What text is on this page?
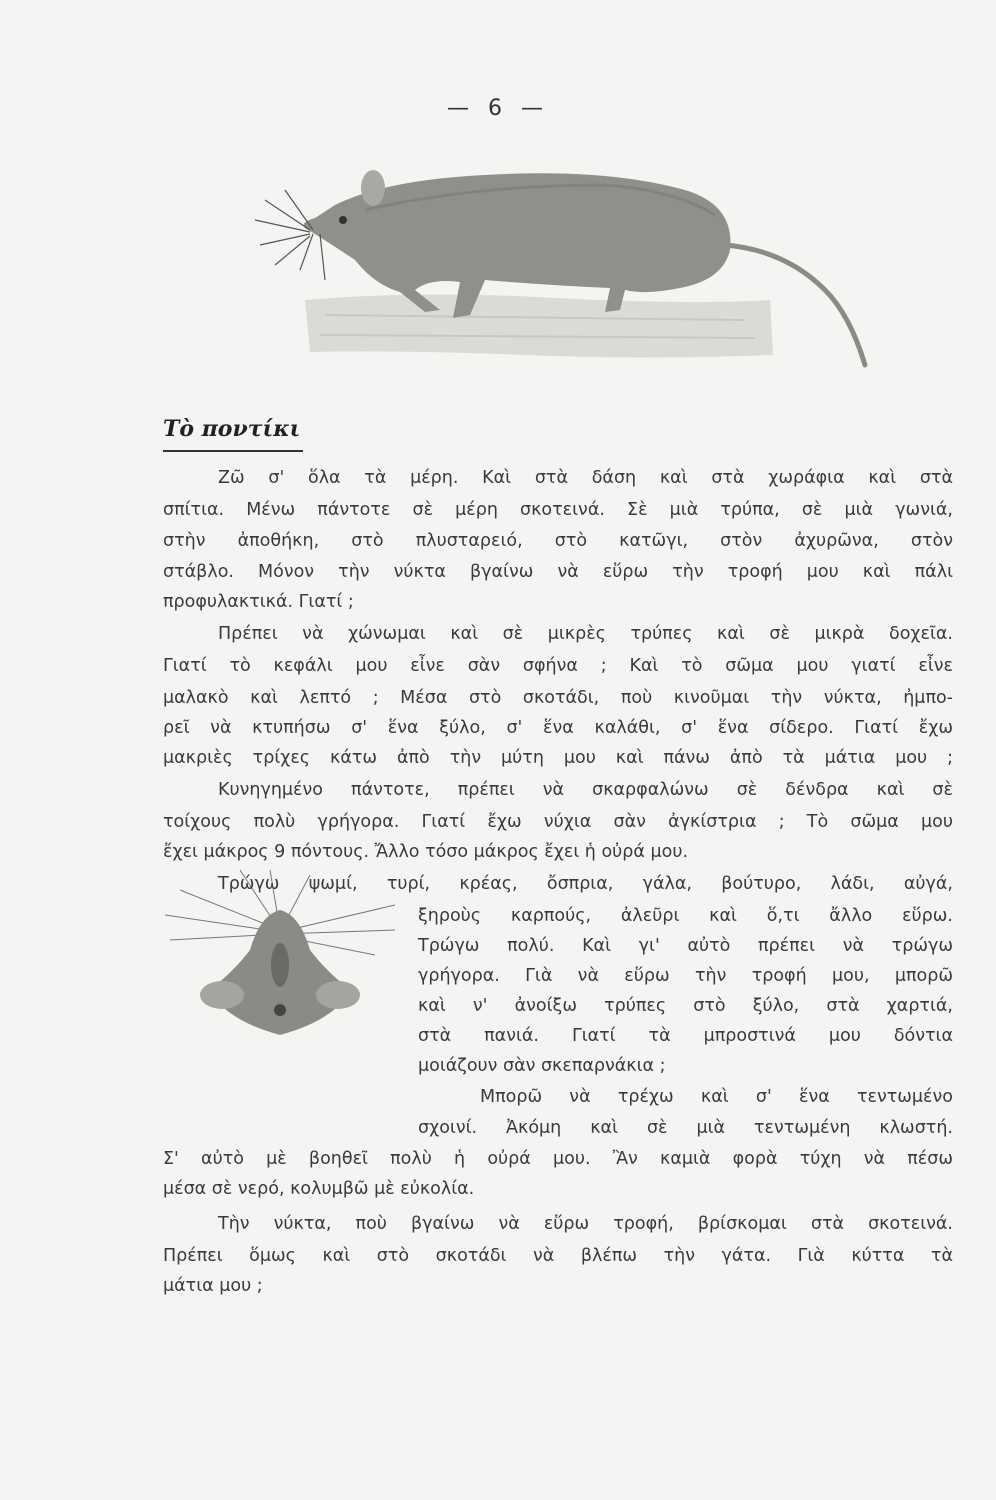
— 6 —
Τὸ ποντίκι
Ζῶ σ' ὅλα τὰ μέρη. Καὶ στὰ δάση καὶ στὰ χωράφια καὶ στὰ
σπίτια. Μένω πάντοτε σὲ μέρη σκοτεινά. Σὲ μιὰ τρύπα, σὲ μιὰ γωνιά,
στὴν ἀποθήκη, στὸ πλυσταρειό, στὸ κατῶγι, στὸν ἀχυρῶνα, στὸν
στάβλο. Μόνον τὴν νύκτα βγαίνω νὰ εὕρω τὴν τροφή μου καὶ πάλι
προφυλακτικά. Γιατί ;
Πρέπει νὰ χώνωμαι καὶ σὲ μικρὲς τρύπες καὶ σὲ μικρὰ δοχεῖα.
Γιατί τὸ κεφάλι μου εἶνε σὰν σφήνα ; Καὶ τὸ σῶμα μου γιατί εἶνε
μαλακὸ καὶ λεπτό ; Μέσα στὸ σκοτάδι, ποὺ κινοῦμαι τὴν νύκτα, ἠμπο-
ρεῖ νὰ κτυπήσω σ' ἕνα ξύλο, σ' ἕνα καλάθι, σ' ἕνα σίδερο. Γιατί ἔχω
μακριὲς τρίχες κάτω ἀπὸ τὴν μύτη μου καὶ πάνω ἀπὸ τὰ μάτια μου ;
Κυνηγημένο πάντοτε, πρέπει νὰ σκαρφαλώνω σὲ δένδρα καὶ σὲ
τοίχους πολὺ γρήγορα. Γιατί ἔχω νύχια σὰν ἀγκίστρια ; Τὸ σῶμα μου
ἔχει μάκρος 9 πόντους. Ἄλλο τόσο μάκρος ἔχει ἡ οὐρά μου.
Τρώγω ψωμί, τυρί, κρέας, ὄσπρια, γάλα, βούτυρο, λάδι, αὐγά,
ξηροὺς καρπούς, ἀλεῦρι καὶ ὅ,τι ἄλλο εὕρω.
Τρώγω πολύ. Καὶ γι' αὐτὸ πρέπει νὰ τρώγω
γρήγορα. Γιὰ νὰ εὕρω τὴν τροφή μου, μπορῶ
καὶ ν' ἀνοίξω τρύπες στὸ ξύλο, στὰ χαρτιά,
στὰ πανιά. Γιατί τὰ μπροστινά μου δόντια
μοιάζουν σὰν σκεπαρνάκια ;
Μπορῶ νὰ τρέχω καὶ σ' ἕνα τεντωμένο
σχοινί. Ἀκόμη καὶ σὲ μιὰ τεντωμένη κλωστή.
Σ' αὐτὸ μὲ βοηθεῖ πολὺ ἡ οὐρά μου. Ἂν καμιὰ φορὰ τύχη νὰ πέσω
μέσα σὲ νερό, κολυμβῶ μὲ εὐκολία.
Τὴν νύκτα, ποὺ βγαίνω νὰ εὕρω τροφή, βρίσκομαι στὰ σκοτεινά.
Πρέπει ὅμως καὶ στὸ σκοτάδι νὰ βλέπω τὴν γάτα. Γιὰ κύττα τὰ
μάτια μου ;
